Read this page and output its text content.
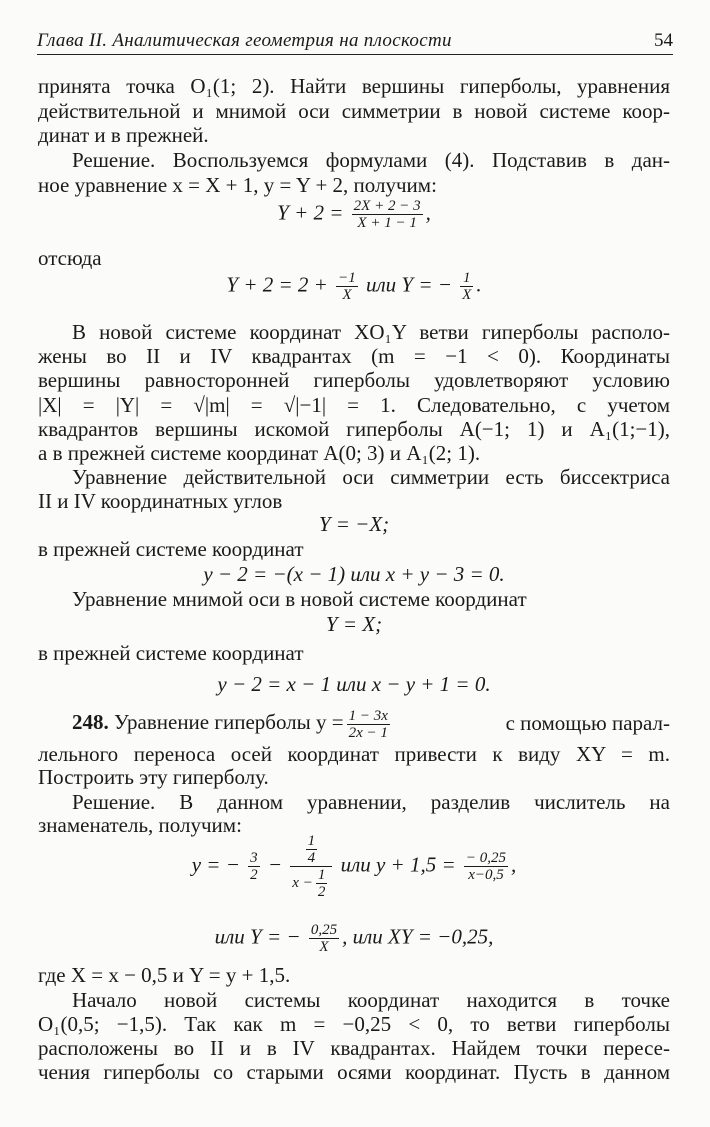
Глава II. Аналитическая геометрия на плоскости	54
принята точка O₁(1; 2). Найти вершины гиперболы, уравнения
действительной и мнимой оси симметрии в новой системе коор-
динат и в прежней.
Решение. Воспользуемся формулами (4). Подставив в дан-
ное уравнение x = X + 1, y = Y + 2, получим:
$Y + 2 = \frac{2X + 2 - 3}{X + 1 - 1}$ ,
отсюда
$Y + 2 = 2 + \frac{-1}{X}$ или Y = − $\frac{1}{X}$ .
В новой системе координат XO₁Y ветви гиперболы располо-
жены во II и IV квадрантах (m = −1 < 0). Координаты
вершины равносторонней гиперболы удовлетворяют условию
|X| = |Y| = √|m| = √|−1| = 1. Следовательно, с учетом
квадрантов вершины искомой гиперболы A(−1; 1) и A₁(1;−1),
а в прежней системе координат A(0; 3) и A₁(2; 1).
Уравнение действительной оси симметрии есть биссектриса
II и IV координатных углов
Y = −X;
в прежней системе координат
y − 2 = −(x − 1) или x + y − 3 = 0.
Уравнение мнимой оси в новой системе координат
Y = X;
в прежней системе координат
y − 2 = x − 1 или x − y + 1 = 0.
248. Уравнение гиперболы $y = \frac{1 - 3x}{2x - 1}$	с помощью парал-
лельного переноса осей координат привести к виду XY = m.
Построить эту гиперболу.
Решение. В данном уравнении, разделив числитель на
знаменатель, получим:
y = − $\frac{3}{2} - \frac{\frac{1}{4}}{x - \frac{1}{2}}$ или $y + 1,5 = \frac{- 0,25}{x-0,5}$ ,
или Y = − $\frac{0,25}{X}$ , или XY = −0,25,
где X = x − 0,5 и Y = y + 1,5.
Начало новой системы координат находится в точке
O₁(0,5; −1,5). Так как m = −0,25 < 0, то ветви гиперболы
расположены во II и в IV квадрантах. Найдем точки пересе-
чения гиперболы со старыми осями координат. Пусть в данном
